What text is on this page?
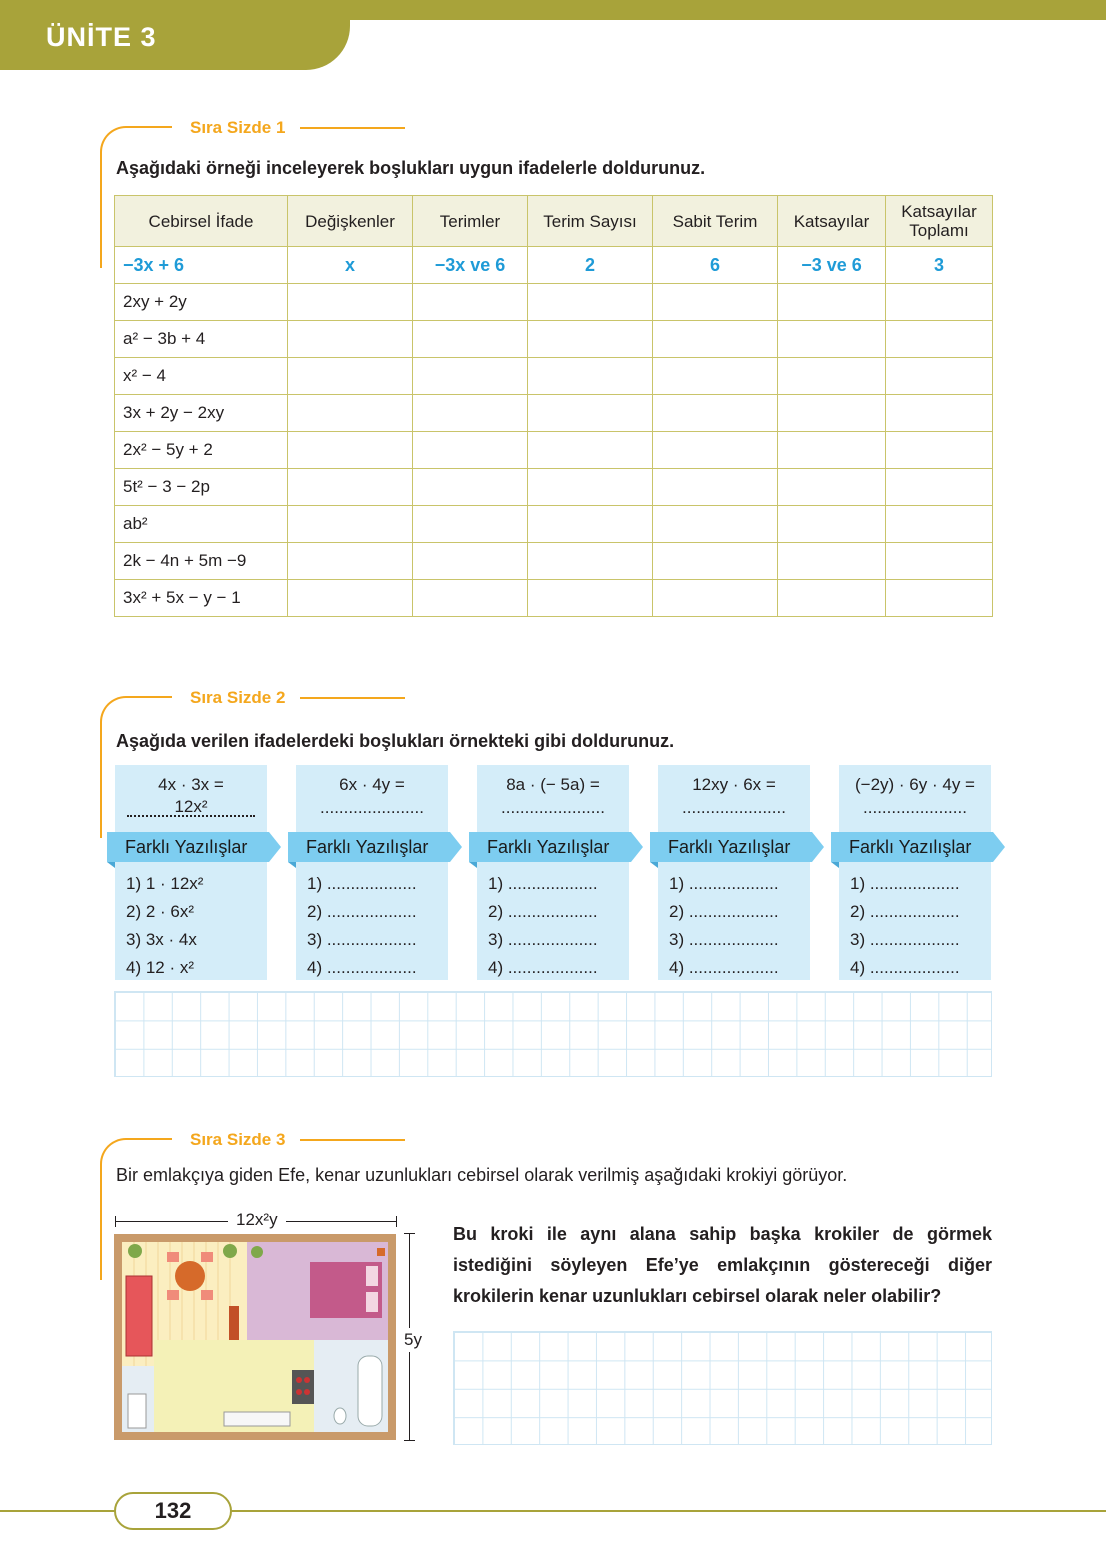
ÜNİTE 3
Sıra Sizde 1
Aşağıdaki örneği inceleyerek boşlukları uygun ifadelerle doldurunuz.
Cebirsel İfade	Değişkenler	Terimler	Terim Sayısı	Sabit Terim	Katsayılar	Katsayılar Toplamı
−3x + 6	x	−3x ve 6	2	6	−3 ve 6	3
2xy + 2y						
a² − 3b + 4						
x² − 4						
3x + 2y − 2xy						
2x² − 5y + 2						
5t² − 3 − 2p						
ab²						
2k − 4n + 5m −9						
3x² + 5x − y − 1						
Sıra Sizde 2
Aşağıda verilen ifadelerdeki boşlukları örnekteki gibi doldurunuz.
4x · 3x =
12x²
Farklı Yazılışlar
1) 1 · 12x²
2) 2 · 6x²
3) 3x · 4x
4) 12 · x²
6x · 4y =
......................
Farklı Yazılışlar
1) ...................
2) ...................
3) ...................
4) ...................
8a · (− 5a) =
......................
Farklı Yazılışlar
1) ...................
2) ...................
3) ...................
4) ...................
12xy · 6x =
......................
Farklı Yazılışlar
1) ...................
2) ...................
3) ...................
4) ...................
(−2y) · 6y · 4y =
......................
Farklı Yazılışlar
1) ...................
2) ...................
3) ...................
4) ...................
Sıra Sizde 3
Bir emlakçıya giden Efe, kenar uzunlukları cebirsel olarak verilmiş aşağıdaki krokiyi görüyor.
12x²y
5y
Bu kroki ile aynı alana sahip başka krokiler de görmek istediğini söyleyen Efe’ye emlakçının göstereceği diğer krokilerin kenar uzunlukları cebirsel olarak neler olabilir?
132
